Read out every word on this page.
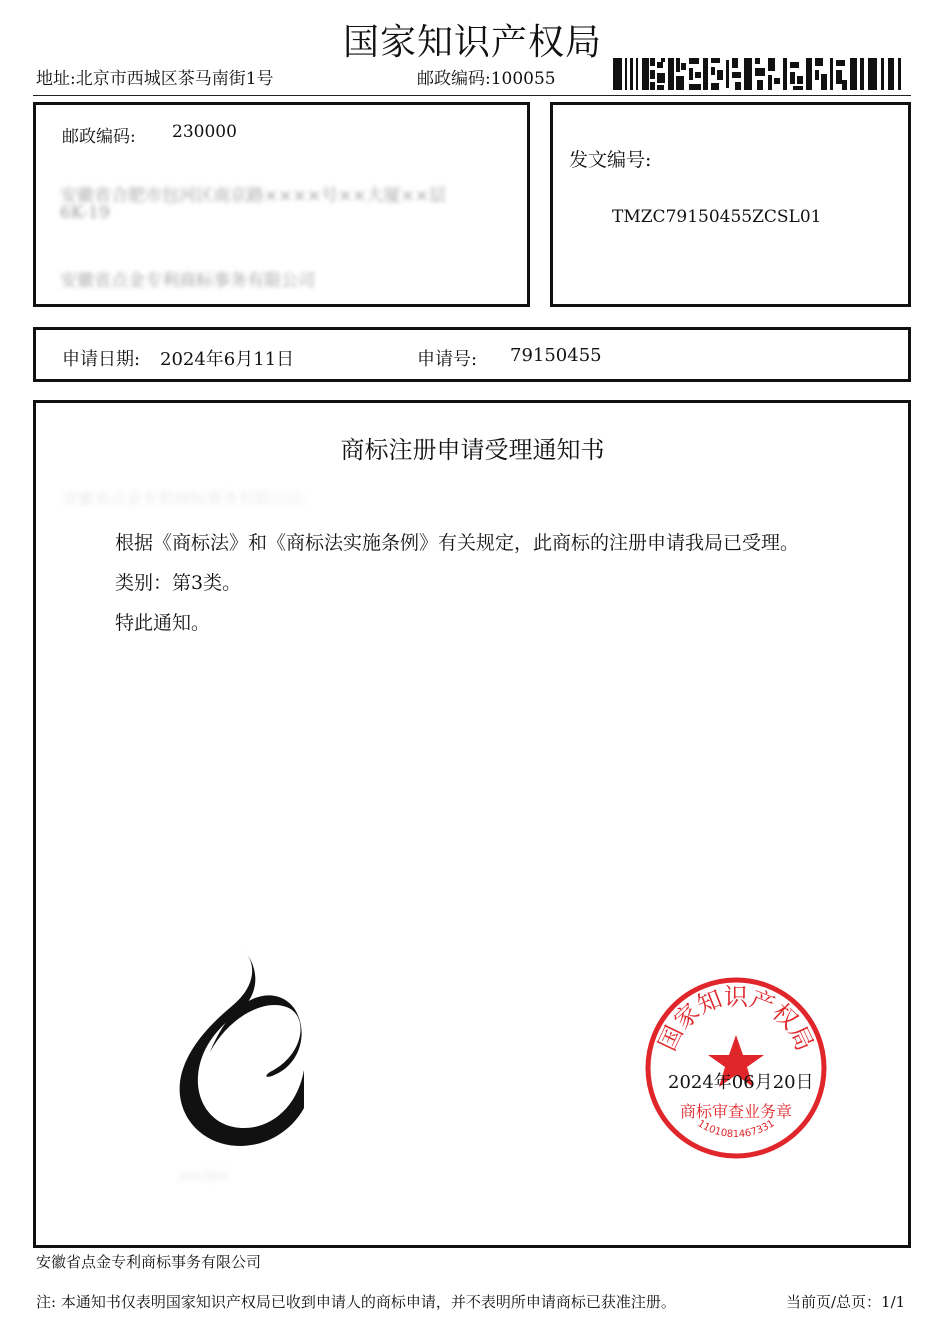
国家知识产权局
地址:北京市西城区茶马南街1号	邮政编码:100055
邮政编码: 230000
安徽省合肥市包河区南京路××××号××大厦××层
6K-19
安徽省点金专利商标事务有限公司
发文编号:
TMZC79150455ZCSL01
申请日期: 2024年6月11日	申请号: 79150455
商标注册申请受理通知书
安徽省点金专利商标事务有限公司:
根据《商标法》和《商标法实施条例》有关规定，此商标的注册申请我局已受理。
类别：第3类。
特此通知。
商标图样
国家知识产权局
商标审查业务章
1101081467331
2024年06月20日
安徽省点金专利商标事务有限公司
注: 本通知书仅表明国家知识产权局已收到申请人的商标申请，并不表明所申请商标已获准注册。	当前页/总页：1/1
